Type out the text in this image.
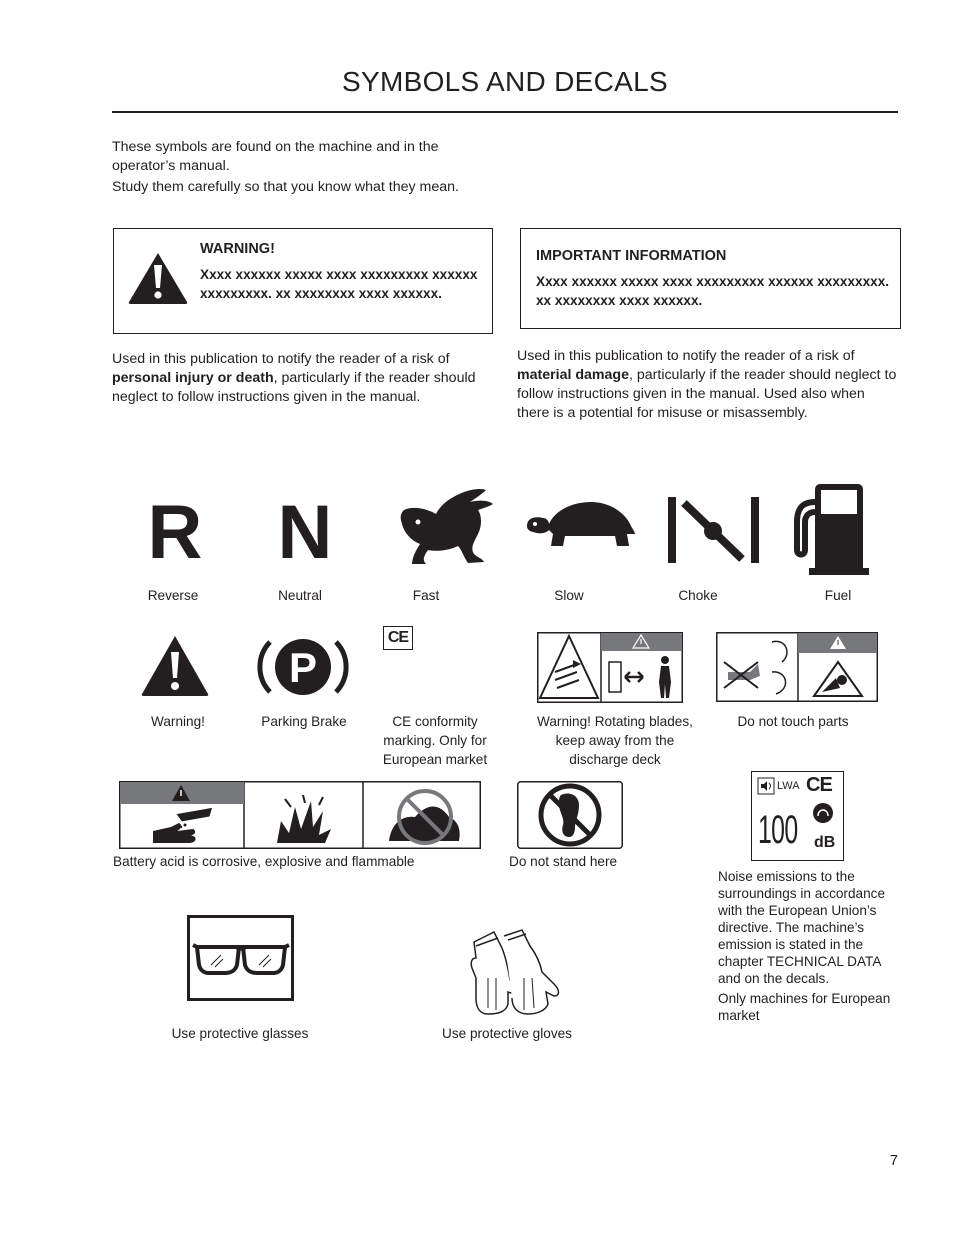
SYMBOLS AND DECALS

These symbols are found on the machine and in the operator’s manual.

Study them carefully so that you know what they mean.

WARNING!
Xxxx xxxxxx xxxxx xxxx xxxxxxxxx xxxxxx xxxxxxxxx. xx xxxxxxxx xxxx xxxxxx.
IMPORTANT INFORMATION
Xxxx xxxxxx xxxxx xxxx xxxxxxxxx xxxxxx xxxxxxxxx. xx xxxxxxxx xxxx xxxxxx.
Used in this publication to notify the reader of a risk of personal injury or death, particularly if the reader should neglect to follow instructions given in the manual.
Used in this publication to notify the reader of a risk of material damage, particularly if the reader should neglect to follow instructions given in the manual. Used also when there is a potential for misuse or misassembly.
R N
Reverse	Neutral	Fast	Slow	Choke	Fuel
P
CE
Warning!	Parking Brake	CE conformity marking. Only for European market
Warning! Rotating blades, keep away from the discharge deck
Do not touch parts
LWA CE
100 dB
Battery acid is corrosive, explosive and flammable	Do not stand here
Noise emissions to the surroundings in accordance with the European Union’s directive. The machine’s emission is stated in the chapter TECHNICAL DATA and on the decals.
Only machines for European market
Use protective glasses	Use protective gloves
7
